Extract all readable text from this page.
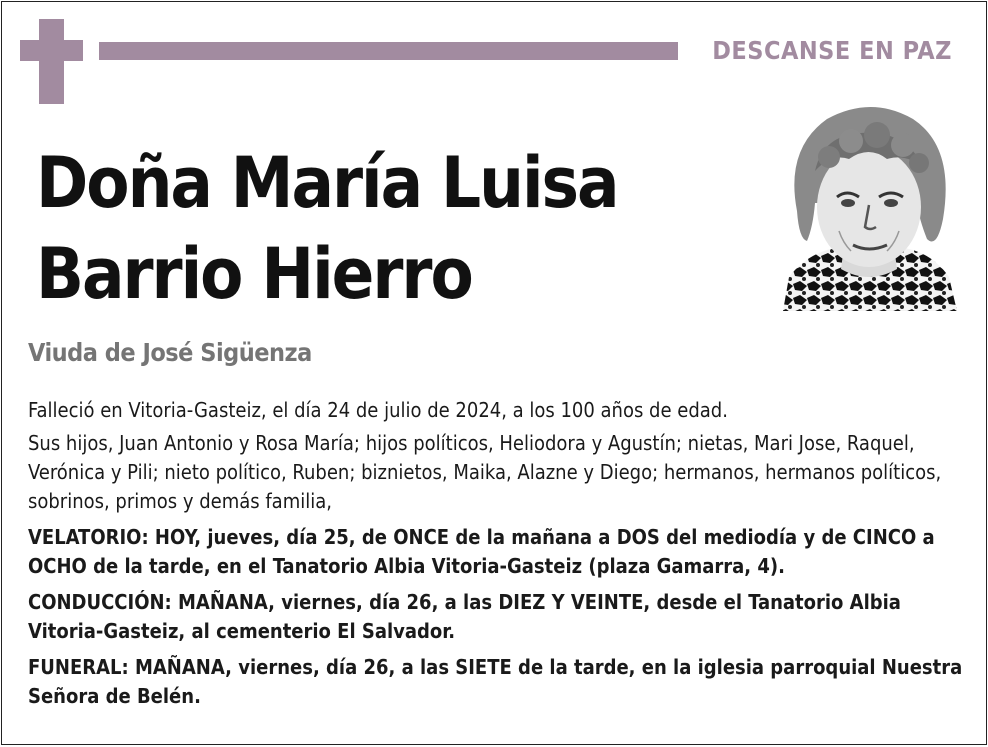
DESCANSE EN PAZ
Doña María Luisa
Barrio Hierro
Viuda de José Sigüenza

Falleció en Vitoria-Gasteiz, el día 24 de julio de 2024, a los 100 años de edad.

Sus hijos, Juan Antonio y Rosa María; hijos políticos, Heliodora y Agustín; nietas, Mari Jose, Raquel, Verónica y Pili; nieto político, Ruben; biznietos, Maika, Alazne y Diego; hermanos, hermanos políticos, sobrinos, primos y demás familia,

VELATORIO: HOY, jueves, día 25, de ONCE de la mañana a DOS del mediodía y de CINCO a OCHO de la tarde, en el Tanatorio Albia Vitoria-Gasteiz (plaza Gamarra, 4).

CONDUCCIÓN: MAÑANA, viernes, día 26, a las DIEZ Y VEINTE, desde el Tanatorio Albia Vitoria-Gasteiz, al cementerio El Salvador.

FUNERAL: MAÑANA, viernes, día 26, a las SIETE de la tarde, en la iglesia parroquial Nuestra Señora de Belén.
